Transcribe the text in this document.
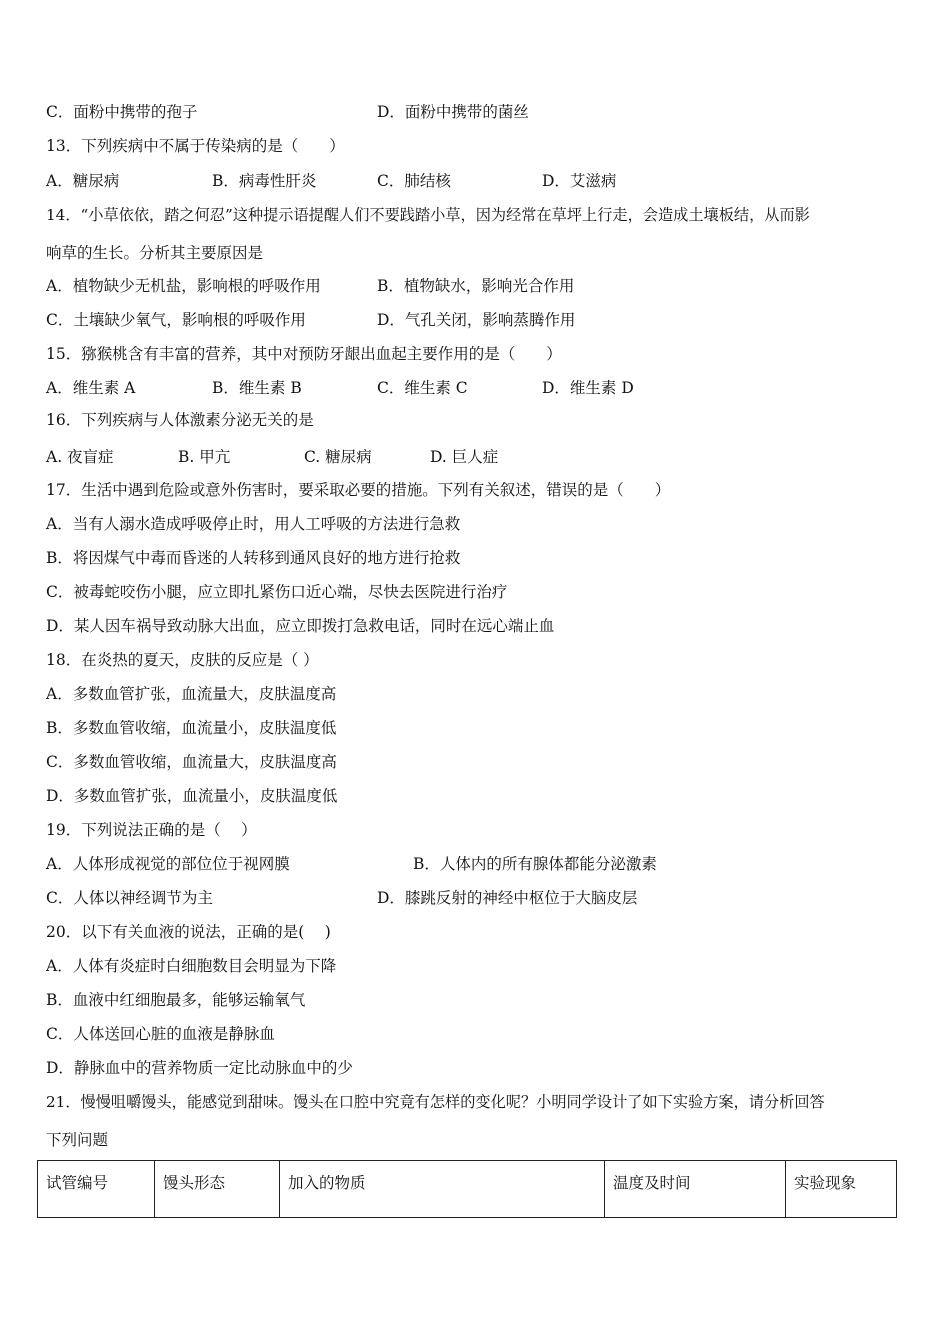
C．面粉中携带的孢子	D．面粉中携带的菌丝
13．下列疾病中不属于传染病的是（　　）
A．糖尿病	B．病毒性肝炎	C．肺结核	D．艾滋病
14．“小草依依，踏之何忍”这种提示语提醒人们不要践踏小草，因为经常在草坪上行走，会造成土壤板结，从而影
响草的生长。分析其主要原因是
A．植物缺少无机盐，影响根的呼吸作用	B．植物缺水，影响光合作用
C．土壤缺少氧气，影响根的呼吸作用	D．气孔关闭，影响蒸腾作用
15．猕猴桃含有丰富的营养，其中对预防牙龈出血起主要作用的是（　　）
A．维生素 A	B．维生素 B	C．维生素 C	D．维生素 D
16．下列疾病与人体激素分泌无关的是
A. 夜盲症	B. 甲亢	C. 糖尿病	D. 巨人症
17．生活中遇到危险或意外伤害时，要采取必要的措施。下列有关叙述，错误的是（　　）
A．当有人溺水造成呼吸停止时，用人工呼吸的方法进行急救
B．将因煤气中毒而昏迷的人转移到通风良好的地方进行抢救
C．被毒蛇咬伤小腿，应立即扎紧伤口近心端，尽快去医院进行治疗
D．某人因车祸导致动脉大出血，应立即拨打急救电话，同时在远心端止血
18．在炎热的夏天，皮肤的反应是（ ）
A．多数血管扩张，血流量大，皮肤温度高
B．多数血管收缩，血流量小，皮肤温度低
C．多数血管收缩，血流量大，皮肤温度高
D．多数血管扩张，血流量小，皮肤温度低
19．下列说法正确的是（　 ）
A．人体形成视觉的部位位于视网膜	B．人体内的所有腺体都能分泌激素
C．人体以神经调节为主	D．膝跳反射的神经中枢位于大脑皮层
20．以下有关血液的说法，正确的是(　 )
A．人体有炎症时白细胞数目会明显为下降
B．血液中红细胞最多，能够运输氧气
C．人体送回心脏的血液是静脉血
D．静脉血中的营养物质一定比动脉血中的少
21．慢慢咀嚼馒头，能感觉到甜味。馒头在口腔中究竟有怎样的变化呢？小明同学设计了如下实验方案，请分析回答
下列问题
试管编号	馒头形态	加入的物质	温度及时间	实验现象
